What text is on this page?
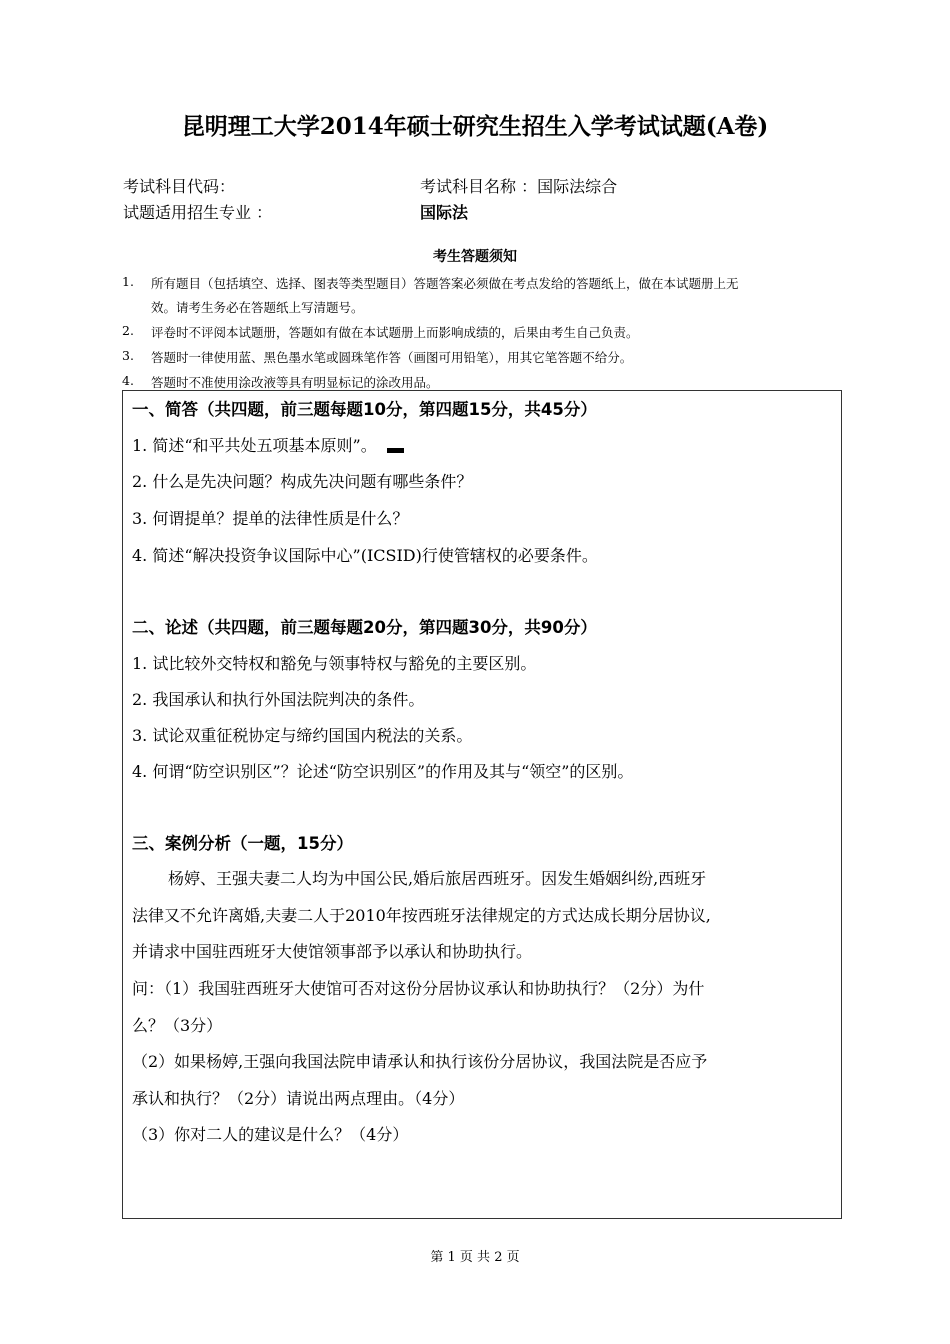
昆明理工大学2014年硕士研究生招生入学考试试题(A卷)
考试科目代码：	考试科目名称 ：国际法综合
试题适用招生专业 ：	国际法
考生答题须知
1. 所有题目（包括填空、选择、图表等类型题目）答题答案必须做在考点发给的答题纸上，做在本试题册上无
效。请考生务必在答题纸上写清题号。
2. 评卷时不评阅本试题册，答题如有做在本试题册上而影响成绩的，后果由考生自己负责。
3. 答题时一律使用蓝、黑色墨水笔或圆珠笔作答（画图可用铅笔），用其它笔答题不给分。
4. 答题时不准使用涂改液等具有明显标记的涂改用品。
一、简答（共四题，前三题每题10分，第四题15分，共45分）
1. 简述“和平共处五项基本原则”。
2. 什么是先决问题？构成先决问题有哪些条件？
3. 何谓提单？提单的法律性质是什么？
4. 简述“解决投资争议国际中心”(ICSID)行使管辖权的必要条件。
二、论述（共四题，前三题每题20分，第四题30分，共90分）
1. 试比较外交特权和豁免与领事特权与豁免的主要区别。
2. 我国承认和执行外国法院判决的条件。
3. 试论双重征税协定与缔约国国内税法的关系。
4. 何谓“防空识别区”？论述“防空识别区”的作用及其与“领空”的区别。
三、案例分析（一题，15分）
杨婷、王强夫妻二人均为中国公民,婚后旅居西班牙。因发生婚姻纠纷,西班牙
法律又不允许离婚,夫妻二人于2010年按西班牙法律规定的方式达成长期分居协议,
并请求中国驻西班牙大使馆领事部予以承认和协助执行。
问：（1）我国驻西班牙大使馆可否对这份分居协议承认和协助执行？（2分）为什
么？（3分）
（2）如果杨婷,王强向我国法院申请承认和执行该份分居协议，我国法院是否应予
承认和执行？（2分）请说出两点理由。（4分）
（3）你对二人的建议是什么？（4分）
第 1 页 共 2 页
